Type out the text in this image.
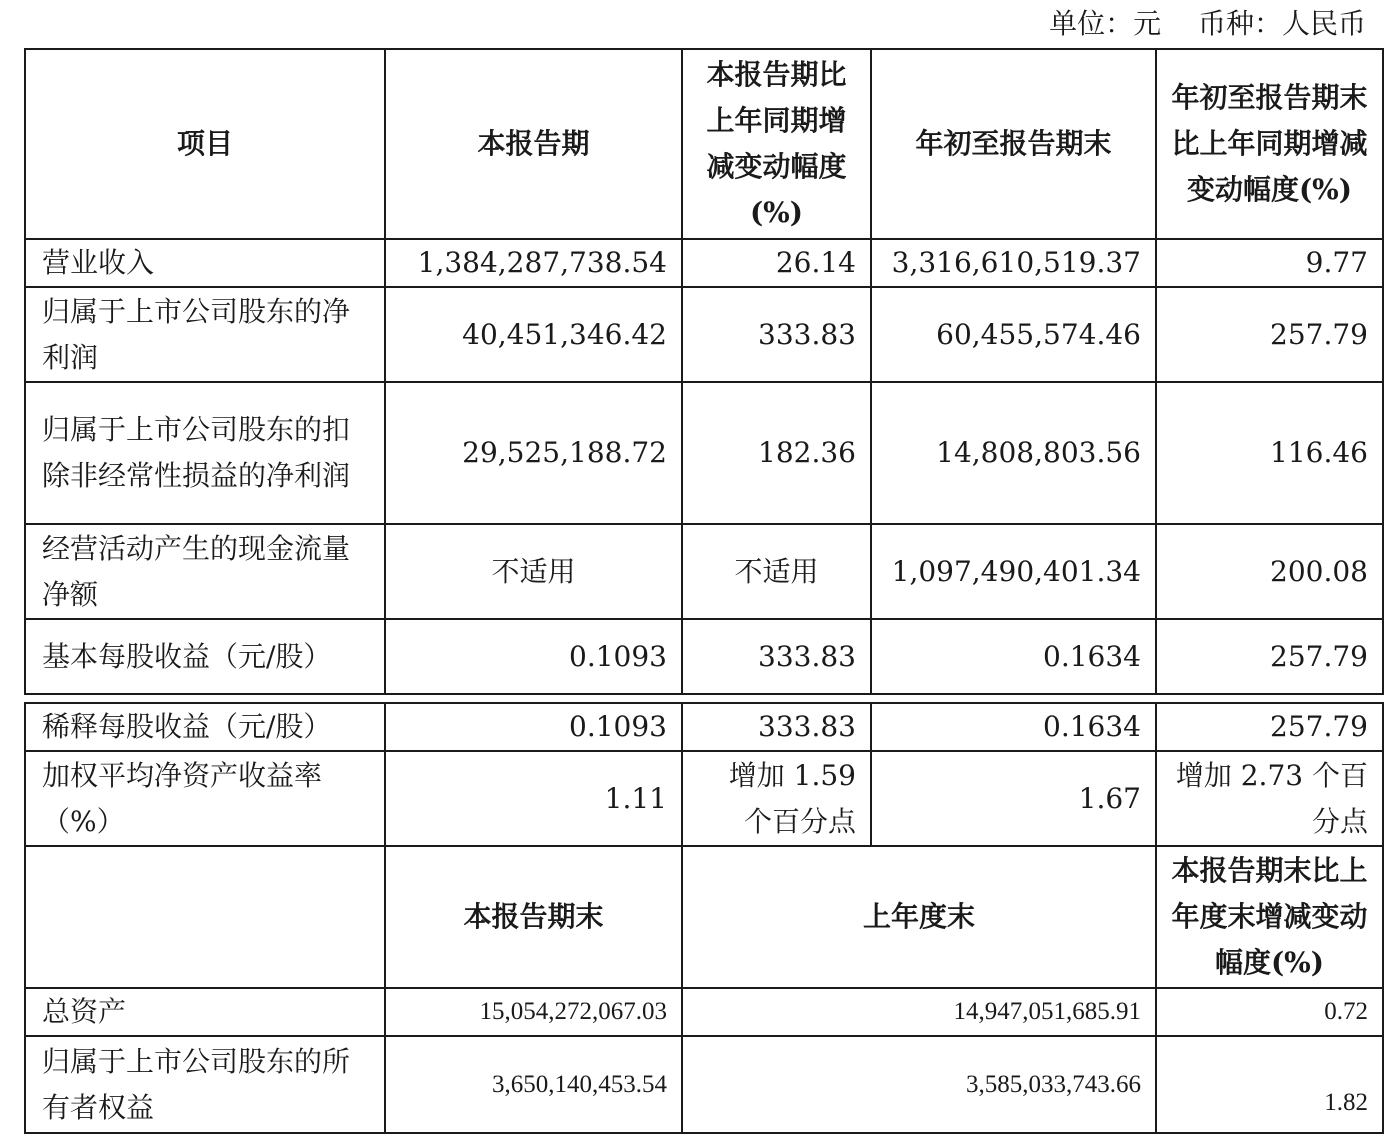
单位：元　 币种：人民币
项目	本报告期	本报告期比上年同期增减变动幅度(%)	年初至报告期末	年初至报告期末比上年同期增减变动幅度(%)
营业收入	1,384,287,738.54	26.14	3,316,610,519.37	9.77
归属于上市公司股东的净利润	40,451,346.42	333.83	60,455,574.46	257.79
归属于上市公司股东的扣除非经常性损益的净利润	29,525,188.72	182.36	14,808,803.56	116.46
经营活动产生的现金流量净额	不适用	不适用	1,097,490,401.34	200.08
基本每股收益（元/股）	0.1093	333.83	0.1634	257.79
稀释每股收益（元/股）	0.1093	333.83	0.1634	257.79
加权平均净资产收益率（%）	1.11	增加 1.59 个百分点	1.67	增加 2.73 个百分点
	本报告期末	上年度末		本报告期末比上年度末增减变动幅度(%)
总资产	15,054,272,067.03	14,947,051,685.91		0.72
归属于上市公司股东的所有者权益	3,650,140,453.54	3,585,033,743.66		1.82
